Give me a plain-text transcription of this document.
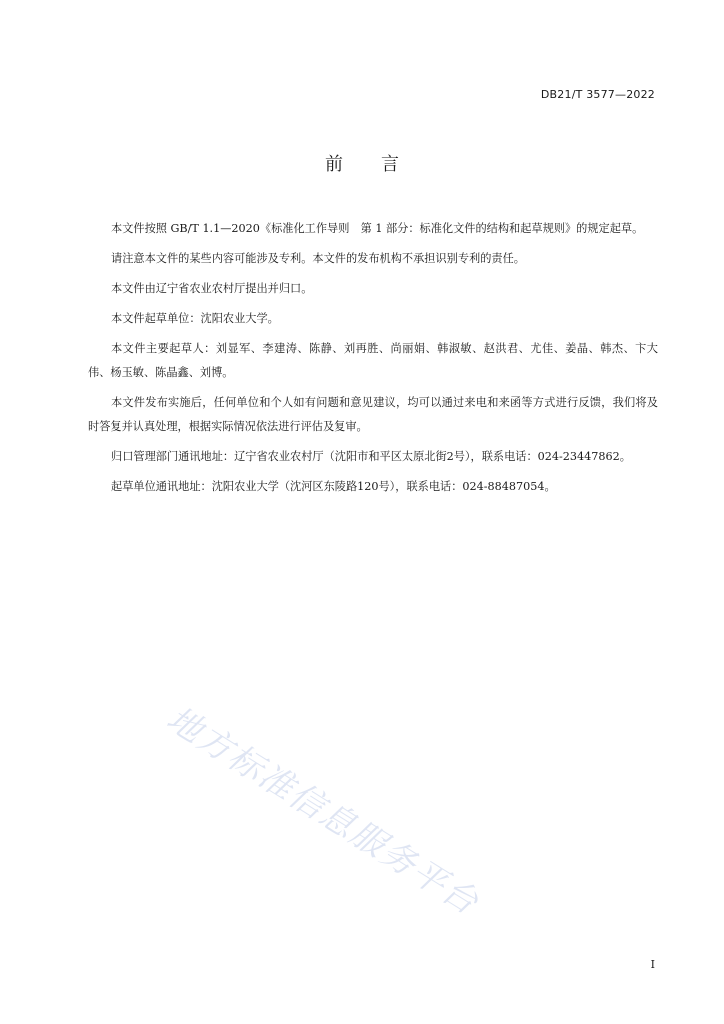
DB21/T 3577—2022
前言

本文件按照 GB/T 1.1—2020《标准化工作导则　第 1 部分：标准化文件的结构和起草规则》的规定起草。

请注意本文件的某些内容可能涉及专利。本文件的发布机构不承担识别专利的责任。

本文件由辽宁省农业农村厅提出并归口。

本文件起草单位：沈阳农业大学。

本文件主要起草人：刘显军、李建涛、陈静、刘再胜、尚丽娟、韩淑敏、赵洪君、尤佳、姜晶、韩杰、卞大伟、杨玉敏、陈晶鑫、刘博。

本文件发布实施后，任何单位和个人如有问题和意见建议，均可以通过来电和来函等方式进行反馈，我们将及时答复并认真处理，根据实际情况依法进行评估及复审。

归口管理部门通讯地址：辽宁省农业农村厅（沈阳市和平区太原北街2号），联系电话：024-23447862。

起草单位通讯地址：沈阳农业大学（沈河区东陵路120号），联系电话：024-88487054。

地方标准信息服务平台
I
